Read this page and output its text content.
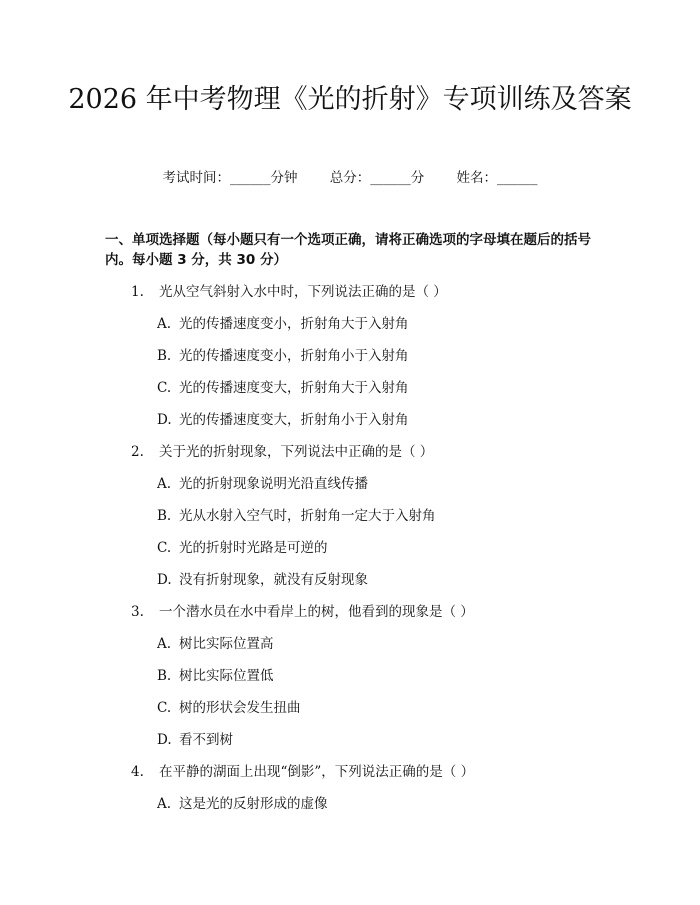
2026 年中考物理《光的折射》专项训练及答案
考试时间：______分钟 总分：______分 姓名：______
一、单项选择题（每小题只有一个选项正确，请将正确选项的字母填在题后的括号内。每小题 3 分，共 30 分）
1. 光从空气斜射入水中时，下列说法正确的是（ ）
A. 光的传播速度变小，折射角大于入射角
B. 光的传播速度变小，折射角小于入射角
C. 光的传播速度变大，折射角大于入射角
D. 光的传播速度变大，折射角小于入射角
2. 关于光的折射现象，下列说法中正确的是（ ）
A. 光的折射现象说明光沿直线传播
B. 光从水射入空气时，折射角一定大于入射角
C. 光的折射时光路是可逆的
D. 没有折射现象，就没有反射现象
3. 一个潜水员在水中看岸上的树，他看到的现象是（ ）
A. 树比实际位置高
B. 树比实际位置低
C. 树的形状会发生扭曲
D. 看不到树
4. 在平静的湖面上出现“倒影”，下列说法正确的是（ ）
A. 这是光的反射形成的虚像
